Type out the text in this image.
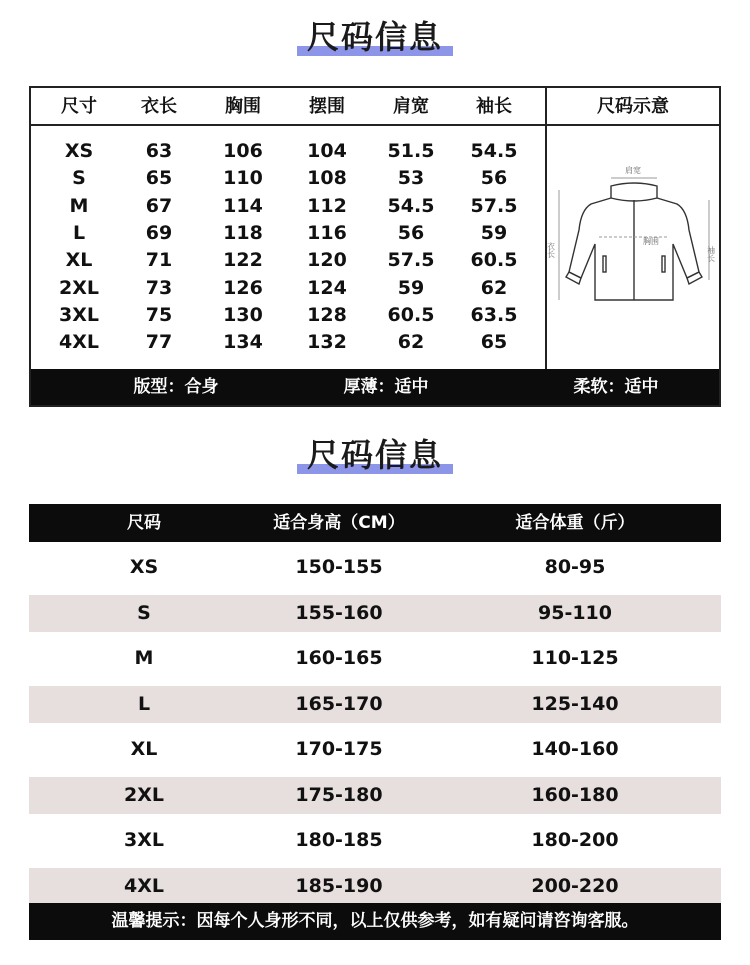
尺码信息
尺寸	衣长	胸围	摆围	肩宽	袖长	尺码示意
XS	63	106	104	51.5	54.5
S	65	110	108	53	56
M	67	114	112	54.5	57.5
L	69	118	116	56	59
XL	71	122	120	57.5	60.5
2XL	73	126	124	59	62
3XL	75	130	128	60.5	63.5
4XL	77	134	132	62	65
肩宽
胸围
衣长	袖长
版型：合身	厚薄：适中	柔软：适中
尺码信息
尺码	适合身高（CM）	适合体重（斤）
XS	150-155	80-95
S	155-160	95-110
M	160-165	110-125
L	165-170	125-140
XL	170-175	140-160
2XL	175-180	160-180
3XL	180-185	180-200
4XL	185-190	200-220
温馨提示：因每个人身形不同，以上仅供参考，如有疑问请咨询客服。
